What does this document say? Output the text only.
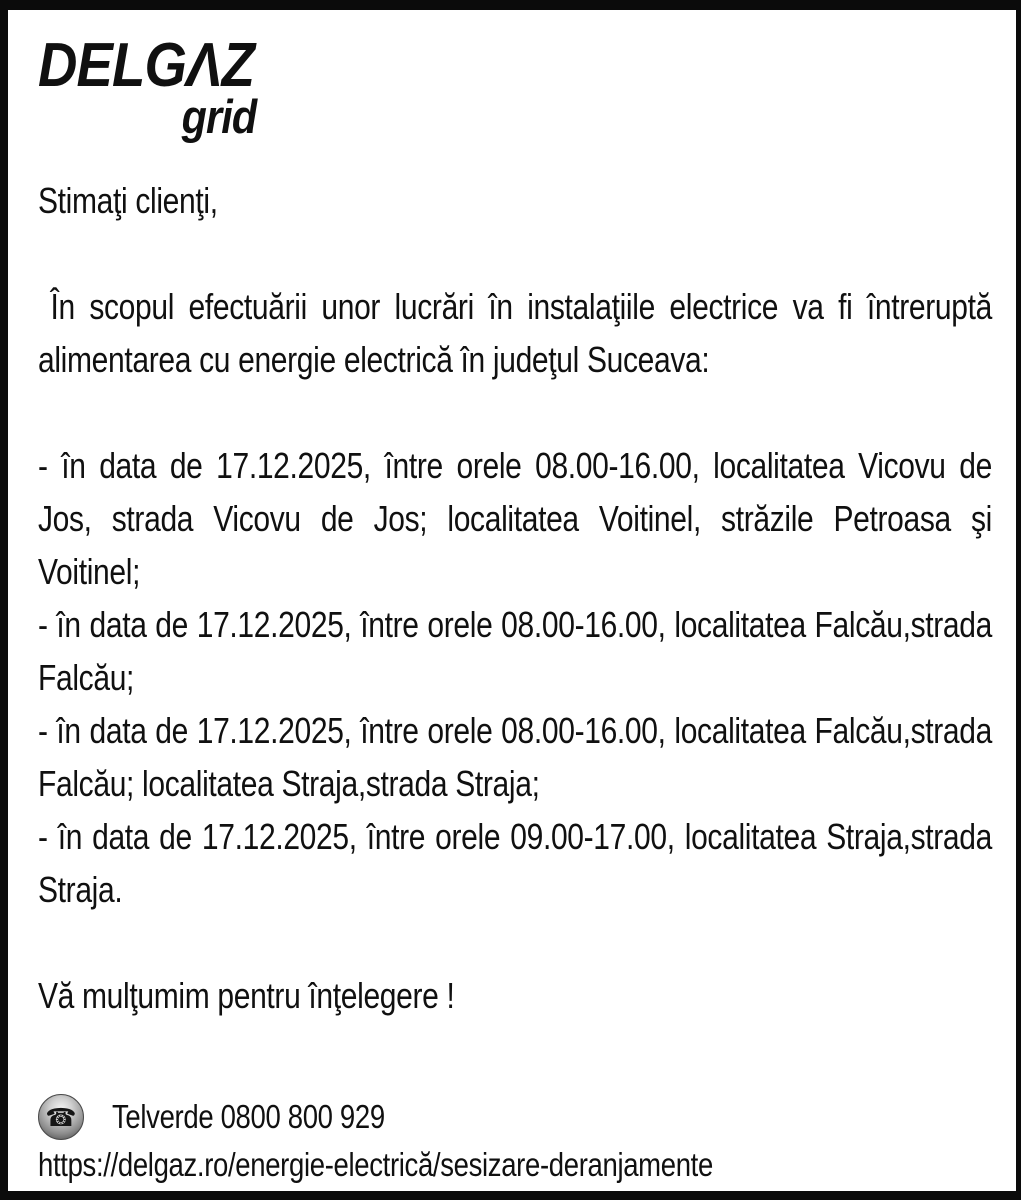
DELGΛZ
grid

Stimaţi clienţi,

În scopul efectuării unor lucrări în instalaţiile electrice va fi întreruptă alimentarea cu energie electrică în judeţul Suceava:

- în data de 17.12.2025, între orele 08.00-16.00, localitatea Vicovu de Jos, strada Vicovu de Jos; localitatea Voitinel, străzile Petroasa şi Voitinel;

- în data de 17.12.2025, între orele 08.00-16.00, localitatea Falcău,strada Falcău;

- în data de 17.12.2025, între orele 08.00-16.00, localitatea Falcău,strada Falcău; localitatea Straja,strada Straja;

- în data de 17.12.2025, între orele 09.00-17.00, localitatea Straja,strada Straja.

Vă mulţumim pentru înţelegere !

☎ Telverde 0800 800 929
https://delgaz.ro/energie-electrică/sesizare-deranjamente
